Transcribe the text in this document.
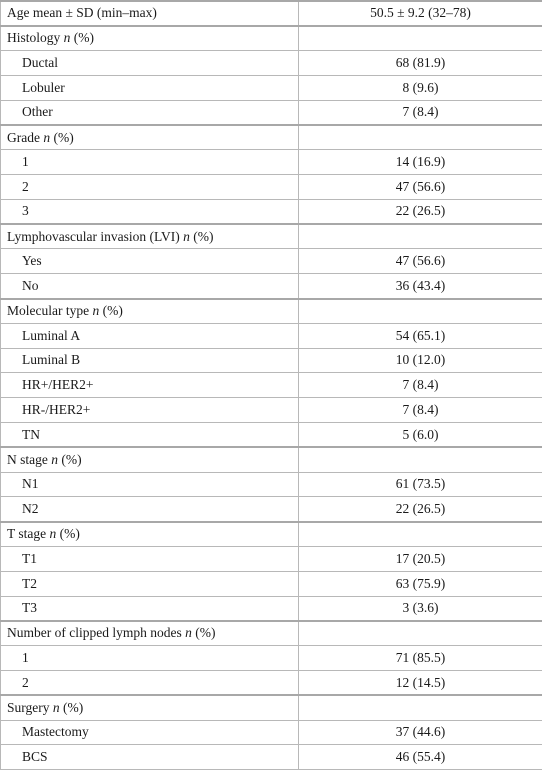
Age mean ± SD (min–max)	50.5 ± 9.2 (32–78)
Histology n (%)	
Ductal	68 (81.9)
Lobuler	8 (9.6)
Other	7 (8.4)
Grade n (%)	
1	14 (16.9)
2	47 (56.6)
3	22 (26.5)
Lymphovascular invasion (LVI) n (%)	
Yes	47 (56.6)
No	36 (43.4)
Molecular type n (%)	
Luminal A	54 (65.1)
Luminal B	10 (12.0)
HR+/HER2+	7 (8.4)
HR-/HER2+	7 (8.4)
TN	5 (6.0)
N stage n (%)	
N1	61 (73.5)
N2	22 (26.5)
T stage n (%)	
T1	17 (20.5)
T2	63 (75.9)
T3	3 (3.6)
Number of clipped lymph nodes n (%)	
1	71 (85.5)
2	12 (14.5)
Surgery n (%)	
Mastectomy	37 (44.6)
BCS	46 (55.4)
